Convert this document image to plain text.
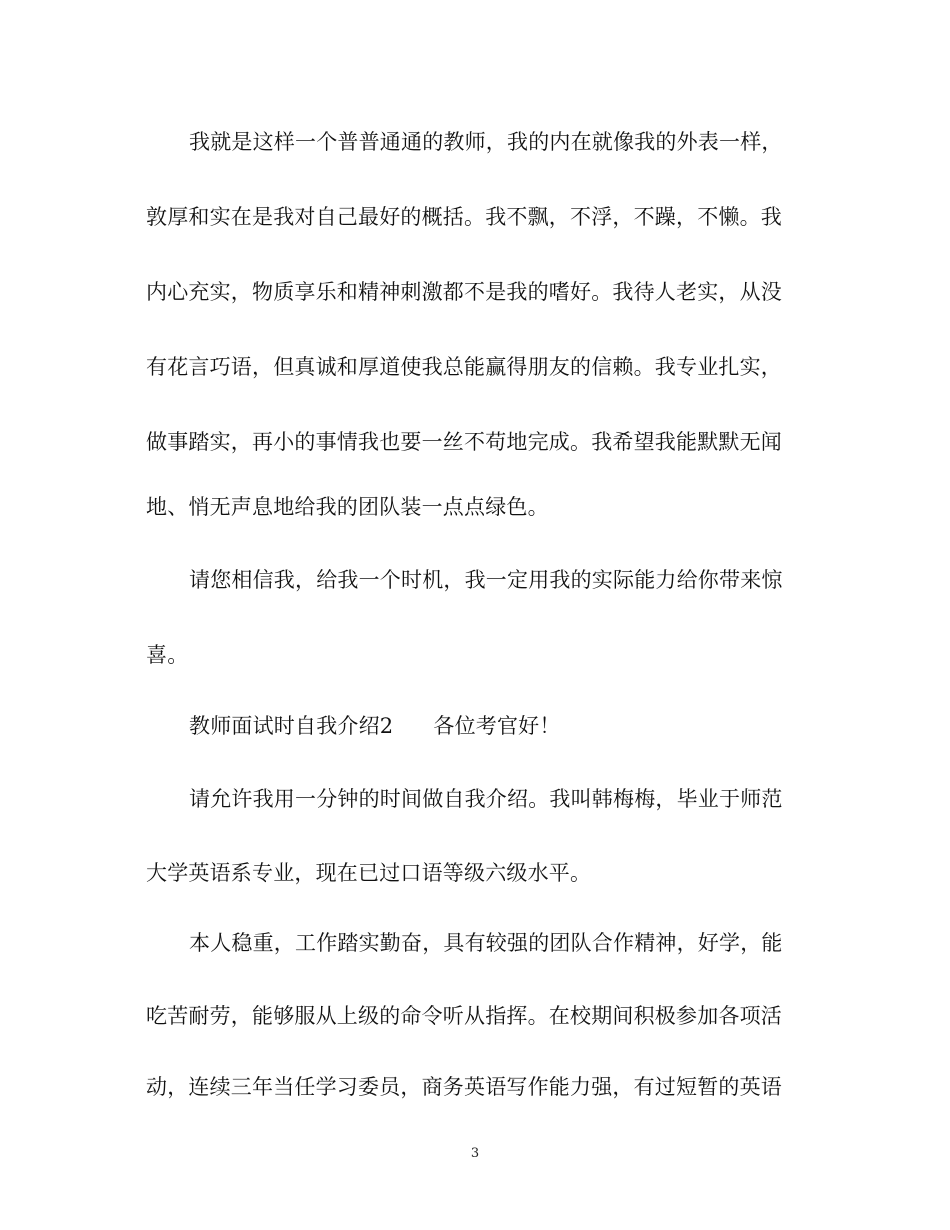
我就是这样一个普普通通的教师，我的内在就像我的外表一样，
敦厚和实在是我对自己最好的概括。我不飘，不浮，不躁，不懒。我
内心充实，物质享乐和精神刺激都不是我的嗜好。我待人老实，从没
有花言巧语，但真诚和厚道使我总能赢得朋友的信赖。我专业扎实，
做事踏实，再小的事情我也要一丝不苟地完成。我希望我能默默无闻
地、悄无声息地给我的团队装一点点绿色。
请您相信我，给我一个时机，我一定用我的实际能力给你带来惊
喜。
教师面试时自我介绍2 各位考官好！
请允许我用一分钟的时间做自我介绍。我叫韩梅梅，毕业于师范
大学英语系专业，现在已过口语等级六级水平。
本人稳重，工作踏实勤奋，具有较强的团队合作精神，好学，能
吃苦耐劳，能够服从上级的命令听从指挥。在校期间积极参加各项活
动，连续三年当任学习委员，商务英语写作能力强，有过短暂的英语
3
